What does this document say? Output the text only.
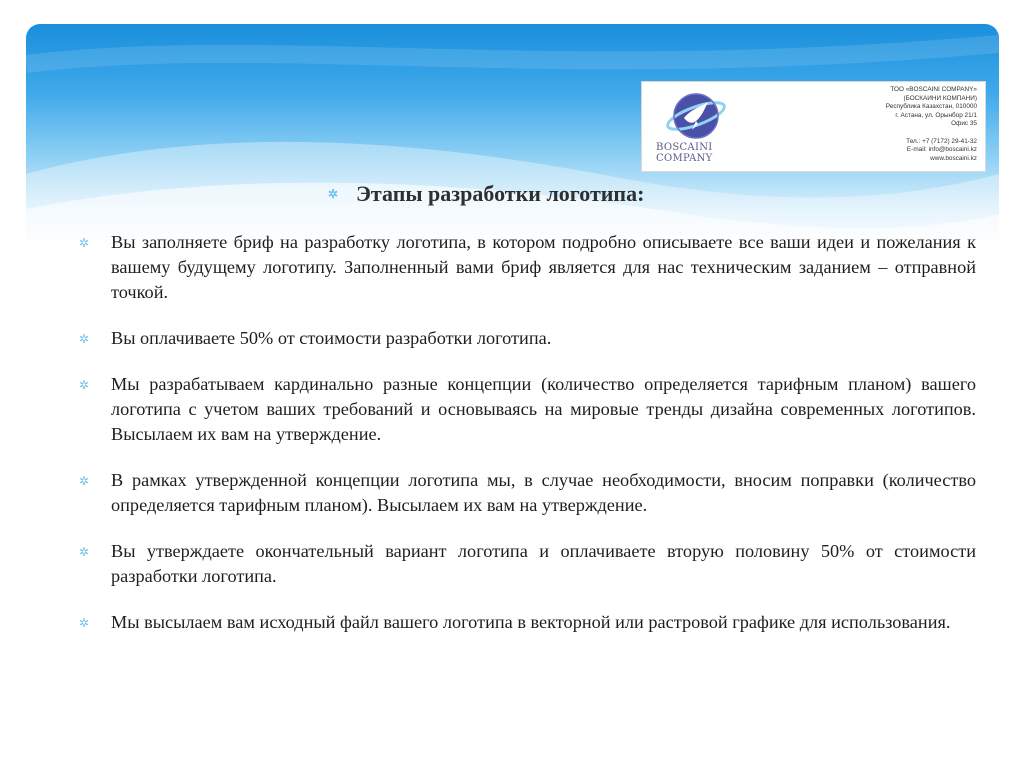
BOSCAINI
COMPANY
ТОО «BOSCAINI COMPANY»
(БОСКАИНИ КОМПАНИ)
Республика Казахстан, 010000
г. Астана, ул. Орынбор 21/1
Офис 35

Тел.: +7 (7172) 29-41-32
E-mail: info@boscaini.kz
www.boscaini.kz
✲ Этапы разработки логотипа:
✲ Вы заполняете бриф на разработку логотипа, в котором подробно описываете все ваши идеи и пожелания к вашему будущему логотипу. Заполненный вами бриф является для нас техническим заданием – отправной точкой.
✲ Вы оплачиваете 50% от стоимости разработки логотипа.
✲ Мы разрабатываем кардинально разные концепции (количество определяется тарифным планом) вашего логотипа с учетом ваших требований и основываясь на мировые тренды дизайна современных логотипов. Высылаем их вам на утверждение.
✲ В рамках утвержденной концепции логотипа мы, в случае необходимости, вносим поправки (количество определяется тарифным планом). Высылаем их вам на утверждение.
✲ Вы утверждаете окончательный вариант логотипа и оплачиваете вторую половину 50% от стоимости разработки логотипа.
✲ Мы высылаем вам исходный файл вашего логотипа в векторной или растровой графике для использования.
